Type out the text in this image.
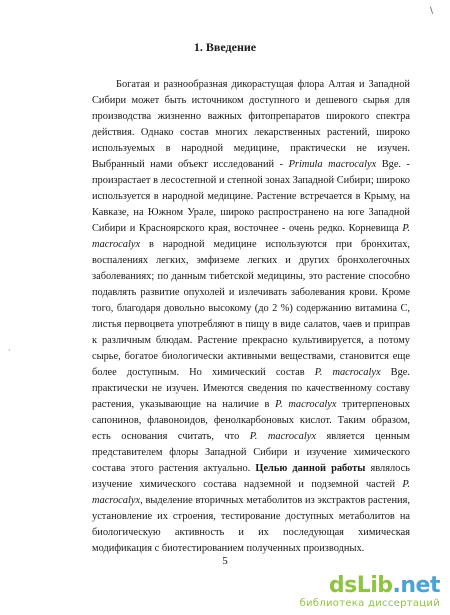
\
·
1. Введение

Богатая и разнообразная дикорастущая флора Алтая и Западной Сибири может быть источником доступного и дешевого сырья для производства жизненно важных фитопрепаратов широкого спектра действия. Однако состав многих лекарственных растений, широко используемых в народной медицине, практически не изучен. Выбранный нами объект исследований - Primula macrocalyx Bge. - произрастает в лесостепной и степной зонах Западной Сибири; широко используется в народной медицине. Растение встречается в Крыму, на Кавказе, на Южном Урале, широко распространено на юге Западной Сибири и Красноярского края, восточнее - очень редко. Корневища P. macrocalyx в народной медицине используются при бронхитах, воспалениях легких, эмфиземе легких и других бронхолегочных заболеваниях; по данным тибетской медицины, это растение способно подавлять развитие опухолей и излечивать заболевания крови. Кроме того, благодаря довольно высокому (до 2 %) содержанию витамина С, листья первоцвета употребляют в пищу в виде салатов, чаев и приправ к различным блюдам. Растение прекрасно культивируется, а потому сырье, богатое биологически активными веществами, становится еще более доступным. Но химический состав P. macrocalyx Bge. практически не изучен. Имеются сведения по качественному составу растения, указывающие на наличие в P. macrocalyx тритерпеновых сапонинов, флавоноидов, фенолкарбоновых кислот. Таким образом, есть основания считать, что P. macrocalyx является ценным представителем флоры Западной Сибири и изучение химического состава этого растения актуально. Целью данной работы являлось изучение химического состава надземной и подземной частей P. macrocalyx, выделение вторичных метаболитов из экстрактов растения, установление их строения, тестирование доступных метаболитов на биологическую активность и их последующая химическая модификация с биотестированием полученных производных.

5
dsLib.net
библиотека диссертаций
